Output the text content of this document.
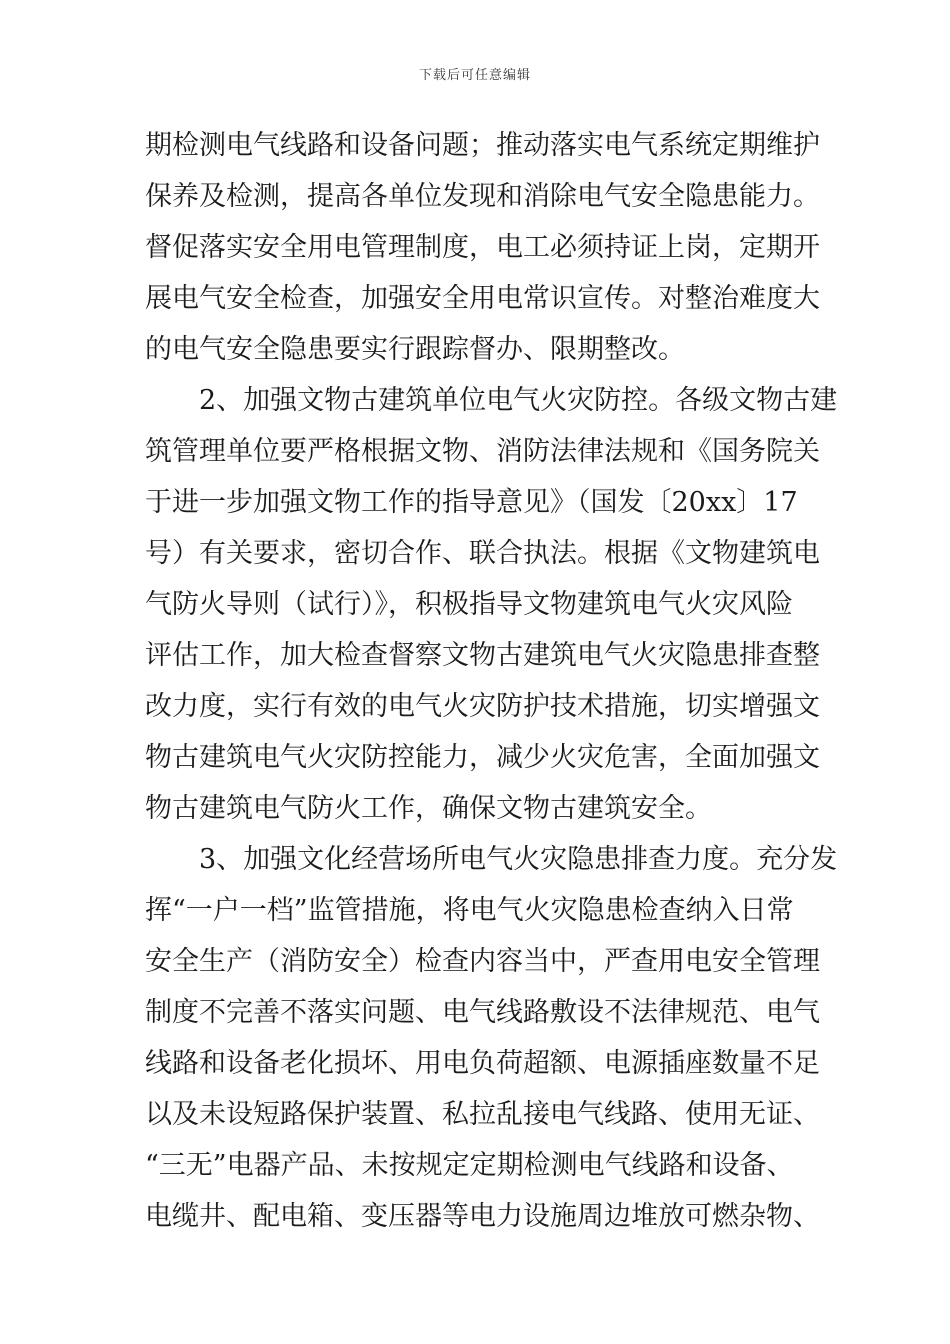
下载后可任意编辑
期检测电气线路和设备问题；推动落实电气系统定期维护
保养及检测，提高各单位发现和消除电气安全隐患能力。
督促落实安全用电管理制度，电工必须持证上岗，定期开
展电气安全检查，加强安全用电常识宣传。对整治难度大
的电气安全隐患要实行跟踪督办、限期整改。
2、加强文物古建筑单位电气火灾防控。各级文物古建
筑管理单位要严格根据文物、消防法律法规和《国务院关
于进一步加强文物工作的指导意见》（国发〔20xx〕17
号）有关要求，密切合作、联合执法。根据《文物建筑电
气防火导则（试行）》，积极指导文物建筑电气火灾风险
评估工作，加大检查督察文物古建筑电气火灾隐患排查整
改力度，实行有效的电气火灾防护技术措施，切实增强文
物古建筑电气火灾防控能力，减少火灾危害，全面加强文
物古建筑电气防火工作，确保文物古建筑安全。
3、加强文化经营场所电气火灾隐患排查力度。充分发
挥“一户一档”监管措施，将电气火灾隐患检查纳入日常
安全生产（消防安全）检查内容当中，严查用电安全管理
制度不完善不落实问题、电气线路敷设不法律规范、电气
线路和设备老化损坏、用电负荷超额、电源插座数量不足
以及未设短路保护装置、私拉乱接电气线路、使用无证、
“三无”电器产品、未按规定定期检测电气线路和设备、
电缆井、配电箱、变压器等电力设施周边堆放可燃杂物、
